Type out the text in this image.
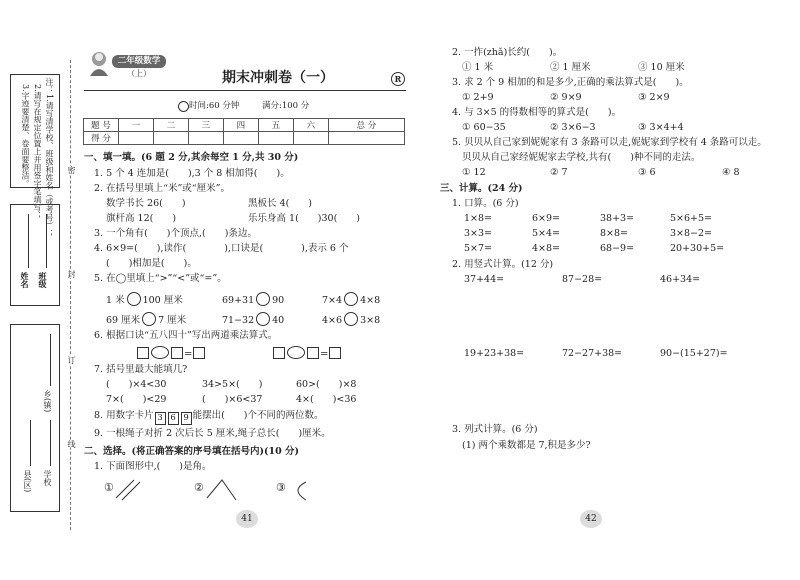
注：1.请写清学校、班级和姓名（或考号）；
2.请写在规定位置上并用签字笔填写；
3.字迹要清楚、卷面要整洁。
班级
姓名
乡(镇)
县(区) 学校
密
封
订
线
二年级数学
（上）	期末冲刺卷（一）	R
时间:60 分钟	满分:100 分
题 号	一	二	三	四	五	六	总 分
得 分							
一、填一填。(6 题 2 分,其余每空 1 分,共 30 分)
1. 5 个 4 连加是(　　),3 个 8 相加得(　　)。
2. 在括号里填上“米”或“厘米”。
数学书长 26(　　)	黑板长 4(　　)
旗杆高 12(　　)	乐乐身高 1(　　)30(　　)
3. 一个角有(　　)个顶点,(　　)条边。
4. 6×9=(　　),读作(　　　　),口诀是(　　　　),表示 6 个
(　　)相加是(　　)。
5. 在◯里填上“>”“<”或“=”。
1 米 100 厘米	69+31 90	7×4 4×8
69 厘米 7 厘米	71−32 40	4×6 3×8
6. 根据口诀“五八四十”写出两道乘法算式。
=	=
7. 括号里最大能填几?
(　　)×4<30	34>5×(　　)	60>(　　)×8
7×(　　)<29	(　　)×6<37	4×(　　)<36
8. 用数字卡片 3 6 9 能摆出(　　)个不同的两位数。
9. 一根绳子对折 2 次后长 5 厘米,绳子总长(　　)厘米。
二、选择。(将正确答案的序号填在括号内)(10 分)
1. 下面图形中,(　　)是角。
①	②	③
2. 一拃(zhǎ)长约(　　)。
① 1 米	② 1 厘米	③ 10 厘米
3. 求 2 个 9 相加的和是多少,正确的乘法算式是(　　)。
① 2+9	② 9×9	③ 2×9
4. 与 3×5 的得数相等的算式是(　　)。
① 60−35	② 3×6−3	③ 3×4+4
5. 贝贝从自己家到妮妮家有 3 条路可以走,妮妮家到学校有 4 条路可以走。
贝贝从自己家经妮妮家去学校,共有(　　)种不同的走法。
① 12	② 7	③ 6	④ 8
三、计算。(24 分)
1. 口算。(6 分)
1×8=	6×9=	38+3=	5×6+5=
3×3=	5×4=	8×8=	3×8−2=
5×7=	4×8=	68−9=	20+30+5=
2. 用竖式计算。(12 分)
37+44=	87−28=	46+34=
19+23+38=	72−27+38=	90−(15+27)=
3. 列式计算。(6 分)
(1) 两个乘数都是 7,积是多少?
41	42
